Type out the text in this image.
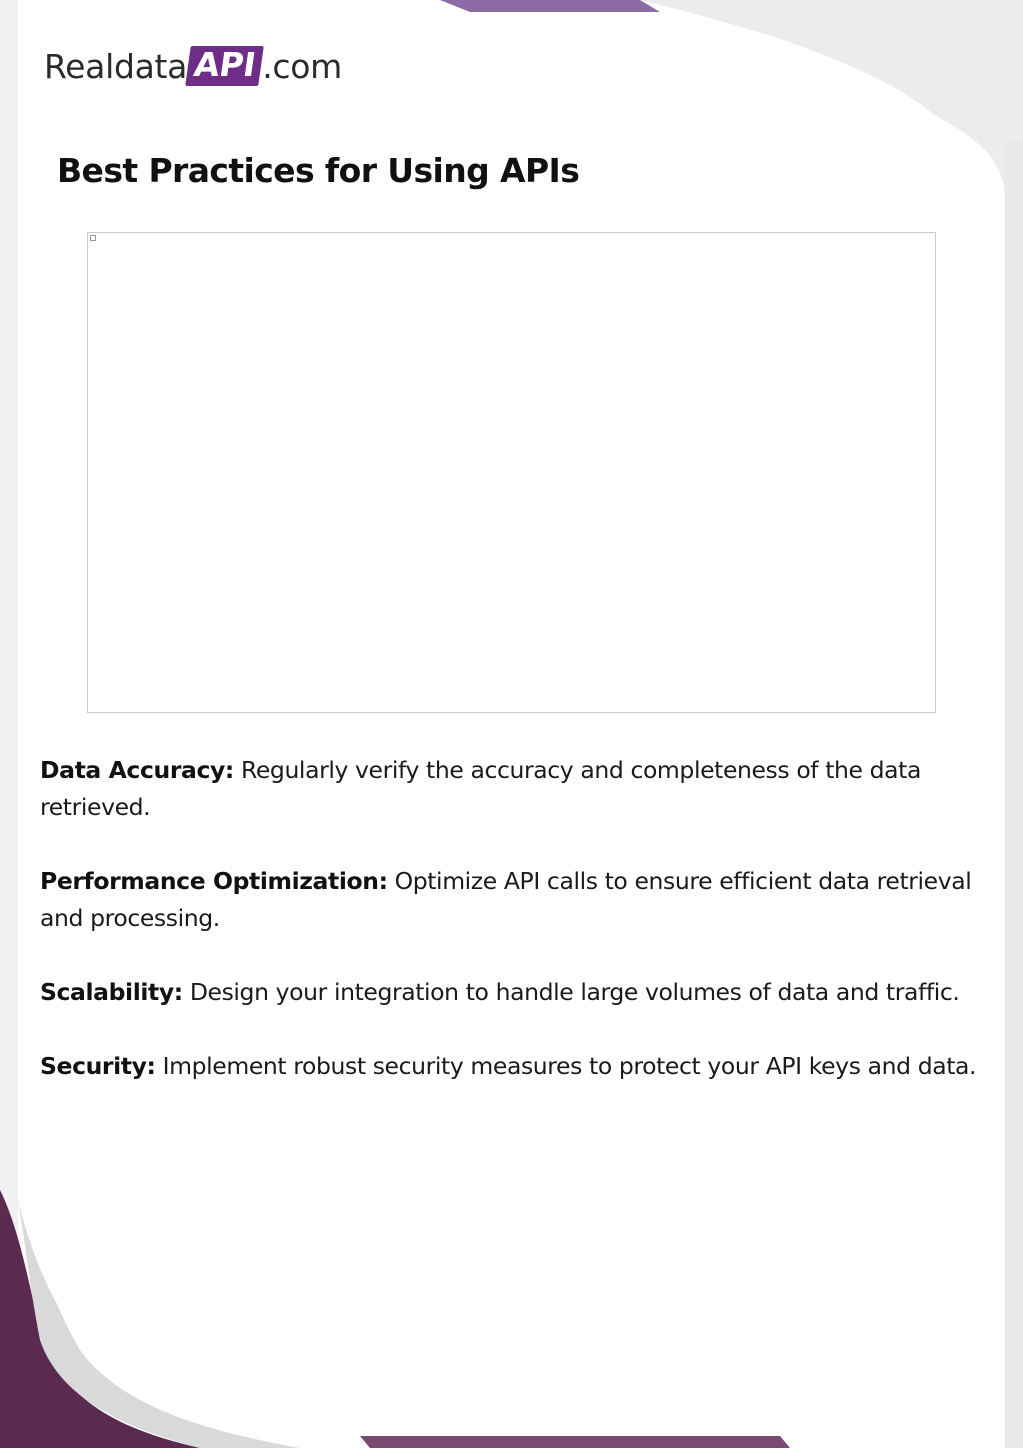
Realdata API .com
Best Practices for Using APIs

Data Accuracy: Regularly verify the accuracy and completeness of the data retrieved.

Performance Optimization: Optimize API calls to ensure efficient data retrieval and processing.

Scalability: Design your integration to handle large volumes of data and traffic.

Security: Implement robust security measures to protect your API keys and data.
